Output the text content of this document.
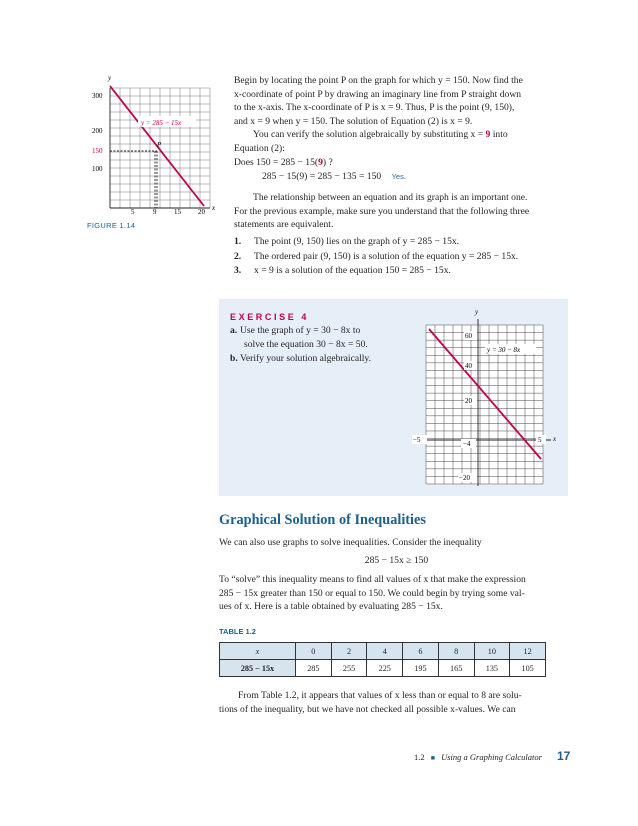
y
x
300
200
150
100
5	9	15 20
y = 285 − 15x
P
FIGURE 1.14
Begin by locating the point P on the graph for which y = 150. Now find the
x-coordinate of point P by drawing an imaginary line from P straight down
to the x-axis. The x-coordinate of P is x = 9. Thus, P is the point (9, 150),
and x = 9 when y = 150. The solution of Equation (2) is x = 9.
You can verify the solution algebraically by substituting x = 9 into
Equation (2):
Does 150 = 285 − 15(9) ?
285 − 15(9) = 285 − 135 = 150 Yes.
The relationship between an equation and its graph is an important one.
For the previous example, make sure you understand that the following three
statements are equivalent.
1. The point (9, 150) lies on the graph of y = 285 − 15x.
2. The ordered pair (9, 150) is a solution of the equation y = 285 − 15x.
3. x = 9 is a solution of the equation 150 = 285 − 15x.
EXERCISE 4
a. Use the graph of y = 30 − 8x to
solve the equation 30 − 8x = 50.
b. Verify your solution algebraically.
y
x
60
40
20
−4
−20
−5	5
y = 30 − 8x
Graphical Solution of Inequalities
We can also use graphs to solve inequalities. Consider the inequality
285 − 15x ≥ 150
To “solve” this inequality means to find all values of x that make the expression
285 − 15x greater than 150 or equal to 150. We could begin by trying some val-
ues of x. Here is a table obtained by evaluating 285 − 15x.
TABLE 1.2
x	0	2	4	6	8	10	12
285 − 15x	285	255	225	195	165	135	105
From Table 1.2, it appears that values of x less than or equal to 8 are solu-
tions of the inequality, but we have not checked all possible x-values. We can
1.2 ■ Using a Graphing Calculator 17
